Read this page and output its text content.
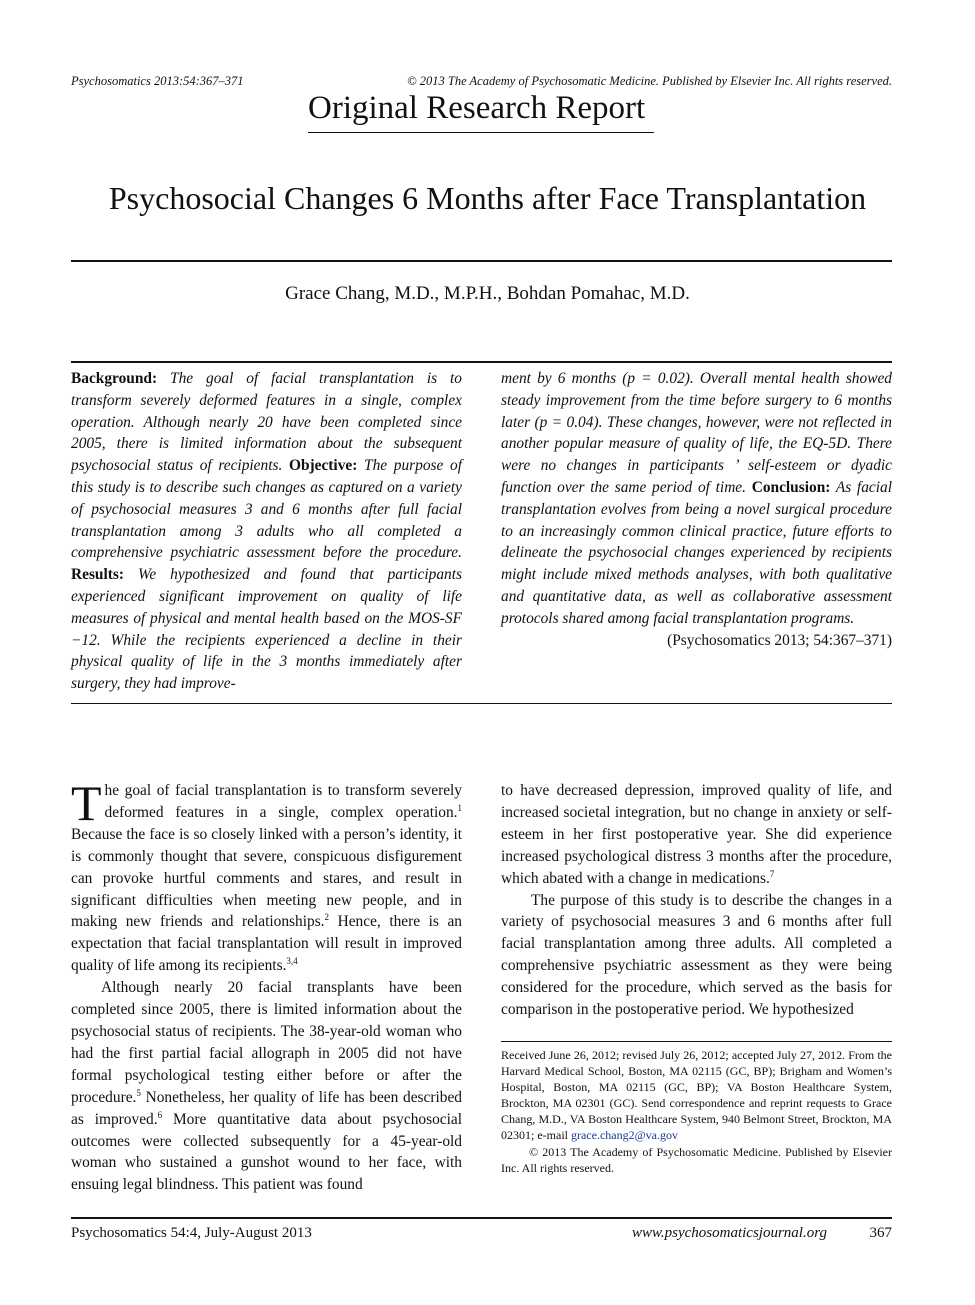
Psychosomatics 2013:54:367–371	© 2013 The Academy of Psychosomatic Medicine. Published by Elsevier Inc. All rights reserved.
Original Research Report
Psychosocial Changes 6 Months after Face Transplantation
Grace Chang, M.D., M.P.H., Bohdan Pomahac, M.D.
Background: The goal of facial transplantation is to transform severely deformed features in a single, complex operation. Although nearly 20 have been completed since 2005, there is limited information about the subsequent psychosocial status of recipients. Objective: The purpose of this study is to describe such changes as captured on a variety of psychosocial measures 3 and 6 months after full facial transplantation among 3 adults who all completed a comprehensive psychiatric assessment before the procedure. Results: We hypothesized and found that participants experienced significant improvement on quality of life measures of physical and mental health based on the MOS-SF −12. While the recipients experienced a decline in their physical quality of life in the 3 months immediately after surgery, they had improve-
ment by 6 months (p = 0.02). Overall mental health showed steady improvement from the time before surgery to 6 months later (p = 0.04). These changes, however, were not reflected in another popular measure of quality of life, the EQ-5D. There were no changes in participants ’ self-esteem or dyadic function over the same period of time. Conclusion: As facial transplantation evolves from being a novel surgical procedure to an increasingly common clinical practice, future efforts to delineate the psychosocial changes experienced by recipients might include mixed methods analyses, with both qualitative and quantitative data, as well as collaborative assessment protocols shared among facial transplantation programs.
(Psychosomatics 2013; 54:367–371)

The goal of facial transplantation is to transform severely deformed features in a single, complex operation.$^1$ Because the face is so closely linked with a person’s identity, it is commonly thought that severe, conspicuous disfigurement can provoke hurtful comments and stares, and result in significant difficulties when meeting new people, and in making new friends and relationships.$^2$ Hence, there is an expectation that facial transplantation will result in improved quality of life among its recipients.$^{3,4}$

Although nearly 20 facial transplants have been completed since 2005, there is limited information about the psychosocial status of recipients. The 38-year-old woman who had the first partial facial allograph in 2005 did not have formal psychological testing either before or after the procedure.$^5$ Nonetheless, her quality of life has been described as improved.$^6$ More quantitative data about psychosocial outcomes were collected subsequently for a 45-year-old woman who sustained a gunshot wound to her face, with ensuing legal blindness. This patient was found

to have decreased depression, improved quality of life, and increased societal integration, but no change in anxiety or self-esteem in her first postoperative year. She did experience increased psychological distress 3 months after the procedure, which abated with a change in medications.$^7$

The purpose of this study is to describe the changes in a variety of psychosocial measures 3 and 6 months after full facial transplantation among three adults. All completed a comprehensive psychiatric assessment as they were being considered for the procedure, which served as the basis for comparison in the postoperative period. We hypothesized

Received June 26, 2012; revised July 26, 2012; accepted July 27, 2012. From the Harvard Medical School, Boston, MA 02115 (GC, BP); Brigham and Women’s Hospital, Boston, MA 02115 (GC, BP); VA Boston Healthcare System, Brockton, MA 02301 (GC). Send correspondence and reprint requests to Grace Chang, M.D., VA Boston Healthcare System, 940 Belmont Street, Brockton, MA 02301; e-mail grace.chang2@va.gov

© 2013 The Academy of Psychosomatic Medicine. Published by Elsevier Inc. All rights reserved.

Psychosomatics 54:4, July-August 2013	www.psychosomaticsjournal.org	367
